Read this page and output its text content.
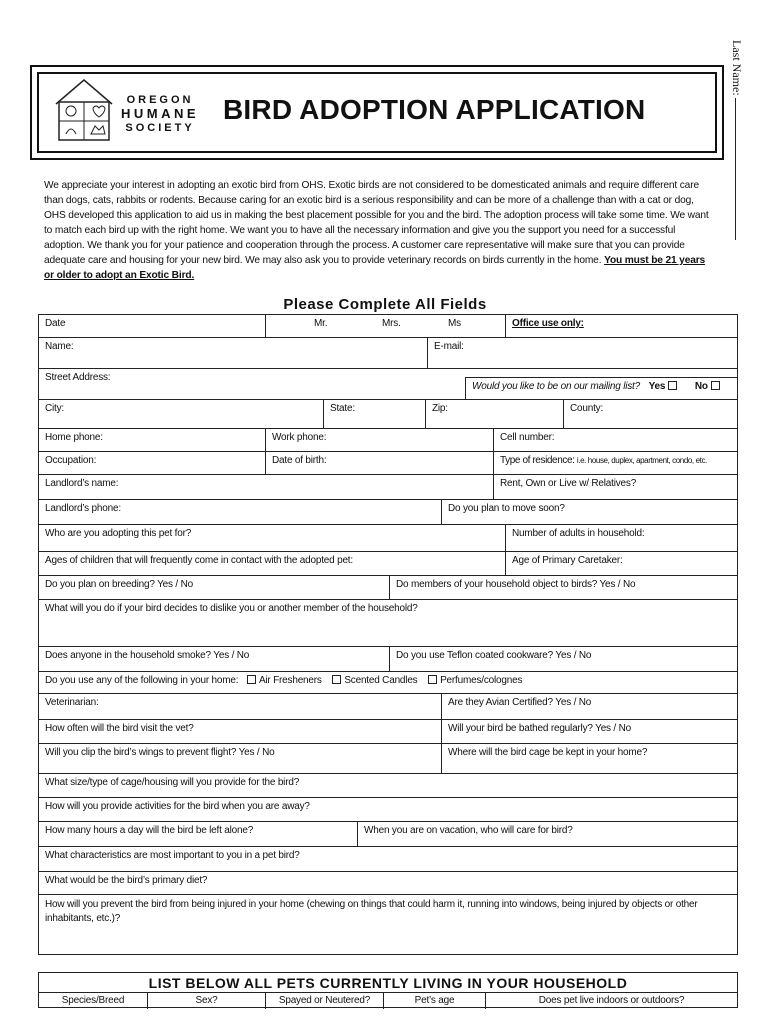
Last Name:
OREGON
HUMANE
SOCIETY
BIRD ADOPTION APPLICATION
We appreciate your interest in adopting an exotic bird from OHS. Exotic birds are not considered to be domesticated animals and require different care than dogs, cats, rabbits or rodents. Because caring for an exotic bird is a serious responsibility and can be more of a challenge than with a cat or dog, OHS developed this application to aid us in making the best placement possible for you and the bird. The adoption process will take some time. We want to match each bird up with the right home. We want you to have all the necessary information and give you the support you need for a successful adoption. We thank you for your patience and cooperation through the process. A customer care representative will make sure that you can provide adequate care and housing for your new bird. We may also ask you to provide veterinary records on birds currently in the home. You must be 21 years or older to adopt an Exotic Bird.
Please Complete All Fields
Date	Mr.	Mrs.	Ms	Office use only:
Name:	E-mail:
Street Address:
Would you like to be on our mailing list? Yes	No
City:	State:	Zip:	County:
Home phone:	Work phone:	Cell number:
Occupation:	Date of birth:	Type of residence: i.e. house, duplex, apartment, condo, etc.
Landlord’s name:	Rent, Own or Live w/ Relatives?
Landlord’s phone:	Do you plan to move soon?
Who are you adopting this pet for?	Number of adults in household:
Ages of children that will frequently come in contact with the adopted pet:	Age of Primary Caretaker:
Do you plan on breeding? Yes / No	Do members of your household object to birds? Yes / No
What will you do if your bird decides to dislike you or another member of the household?
Does anyone in the household smoke? Yes / No	Do you use Teflon coated cookware? Yes / No
Do you use any of the following in your home: Air Fresheners Scented Candles Perfumes/colognes
Veterinarian:	Are they Avian Certified? Yes / No
How often will the bird visit the vet?	Will your bird be bathed regularly? Yes / No
Will you clip the bird’s wings to prevent flight? Yes / No	Where will the bird cage be kept in your home?
What size/type of cage/housing will you provide for the bird?
How will you provide activities for the bird when you are away?
How many hours a day will the bird be left alone?	When you are on vacation, who will care for bird?
What characteristics are most important to you in a pet bird?
What would be the bird’s primary diet?
How will you prevent the bird from being injured in your home (chewing on things that could harm it, running into windows, being injured by objects or other inhabitants, etc.)?
LIST BELOW ALL PETS CURRENTLY LIVING IN YOUR HOUSEHOLD
Species/Breed	Sex?	Spayed or Neutered?	Pet’s age	Does pet live indoors or outdoors?
